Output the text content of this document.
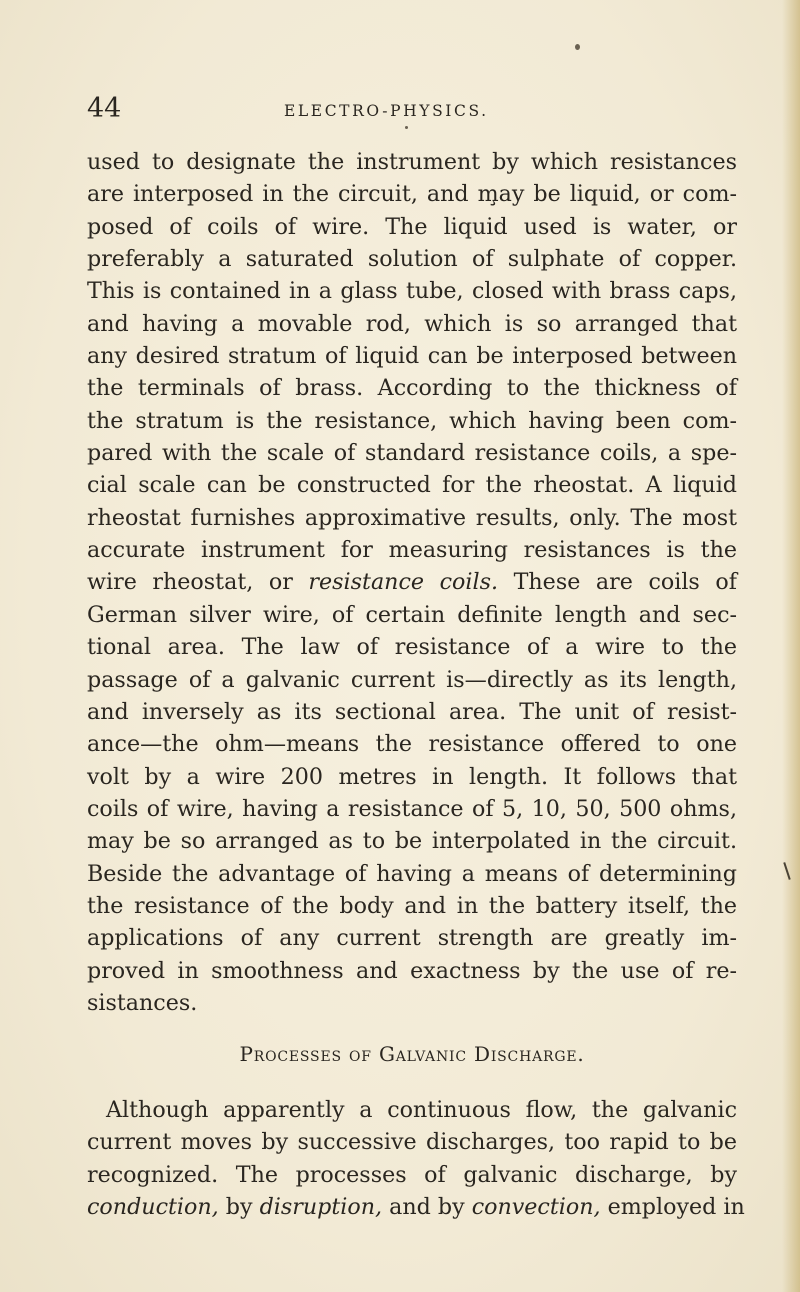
44	ELECTRO-PHYSICS.
used to designate the instrument by which resistances
are interposed in the circuit, and m̧ay be liquid, or com-
posed of coils of wire. The liquid used is water, or
preferably a saturated solution of sulphate of copper.
This is contained in a glass tube, closed with brass caps,
and having a movable rod, which is so arranged that
any desired stratum of liquid can be interposed between
the terminals of brass. According to the thickness of
the stratum is the resistance, which having been com-
pared with the scale of standard resistance coils, a spe-
cial scale can be constructed for the rheostat. A liquid
rheostat furnishes approximative results, only. The most
accurate instrument for measuring resistances is the
wire rheostat, or resistance coils. These are coils of
German silver wire, of certain definite length and sec-
tional area. The law of resistance of a wire to the
passage of a galvanic current is—directly as its length,
and inversely as its sectional area. The unit of resist-
ance—the ohm—means the resistance offered to one
volt by a wire 200 metres in length. It follows that
coils of wire, having a resistance of 5, 10, 50, 500 ohms,
may be so arranged as to be interpolated in the circuit.
Beside the advantage of having a means of determining
the resistance of the body and in the battery itself, the
applications of any current strength are greatly im-
proved in smoothness and exactness by the use of re-
sistances.
Processes of Galvanic Discharge.
Although apparently a continuous flow, the galvanic
current moves by successive discharges, too rapid to be
recognized. The processes of galvanic discharge, by
conduction, by disruption, and by convection, employed in
